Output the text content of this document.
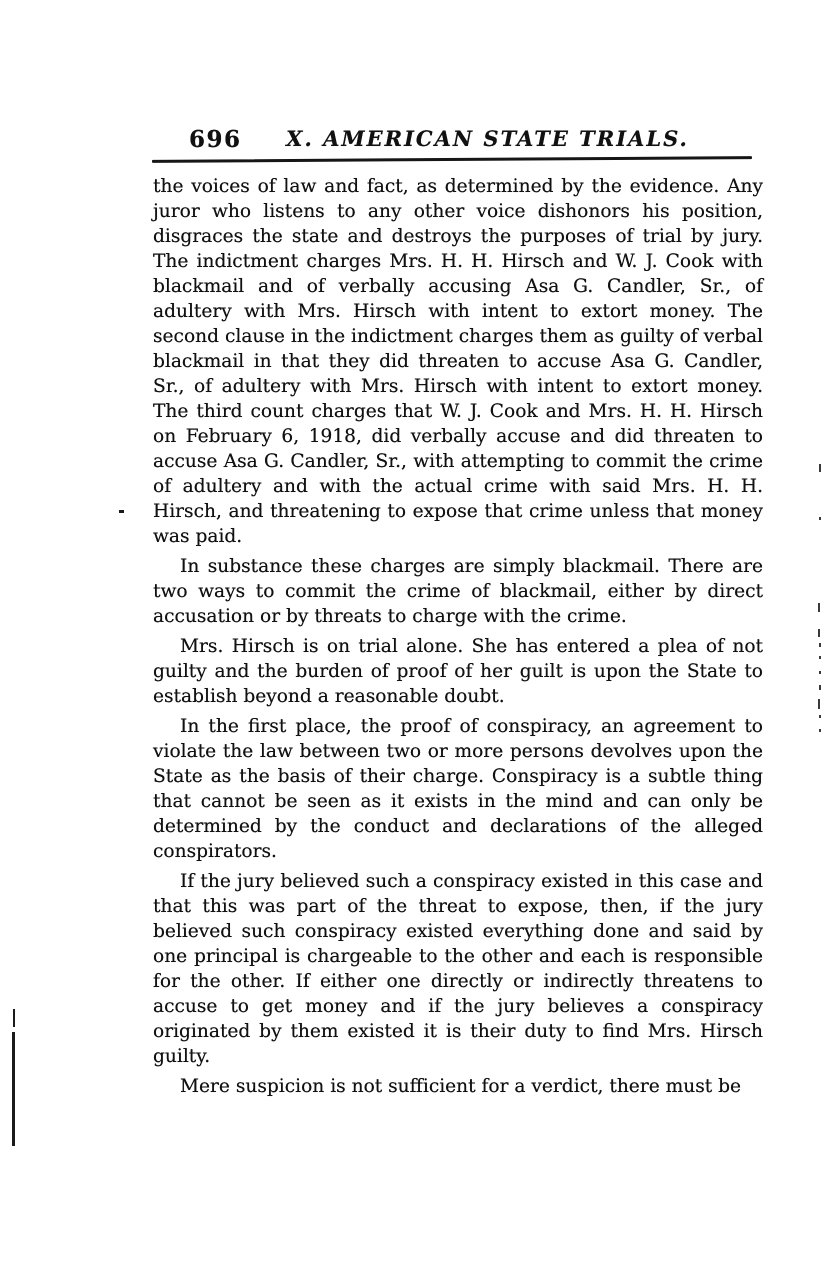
696 X. AMERICAN STATE TRIALS.

the voices of law and fact, as determined by the evidence. Any juror who listens to any other voice dishonors his position, disgraces the state and destroys the purposes of trial by jury. The indictment charges Mrs. H. H. Hirsch and W. J. Cook with blackmail and of verbally accusing Asa G. Candler, Sr., of adultery with Mrs. Hirsch with intent to extort money. The second clause in the indictment charges them as guilty of verbal blackmail in that they did threaten to accuse Asa G. Candler, Sr., of adultery with Mrs. Hirsch with intent to extort money. The third count charges that W. J. Cook and Mrs. H. H. Hirsch on February 6, 1918, did verbally accuse and did threaten to accuse Asa G. Candler, Sr., with attempting to commit the crime of adultery and with the actual crime with said Mrs. H. H. Hirsch, and threatening to expose that crime unless that money was paid.

In substance these charges are simply blackmail. There are two ways to commit the crime of blackmail, either by direct accusation or by threats to charge with the crime.

Mrs. Hirsch is on trial alone. She has entered a plea of not guilty and the burden of proof of her guilt is upon the State to establish beyond a reasonable doubt.

In the first place, the proof of conspiracy, an agreement to violate the law between two or more persons devolves upon the State as the basis of their charge. Conspiracy is a subtle thing that cannot be seen as it exists in the mind and can only be determined by the conduct and declarations of the alleged conspirators.

If the jury believed such a conspiracy existed in this case and that this was part of the threat to expose, then, if the jury believed such conspiracy existed everything done and said by one principal is chargeable to the other and each is responsible for the other. If either one directly or indirectly threatens to accuse to get money and if the jury believes a conspiracy originated by them existed it is their duty to find Mrs. Hirsch guilty.

Mere suspicion is not sufficient for a verdict, there must be
